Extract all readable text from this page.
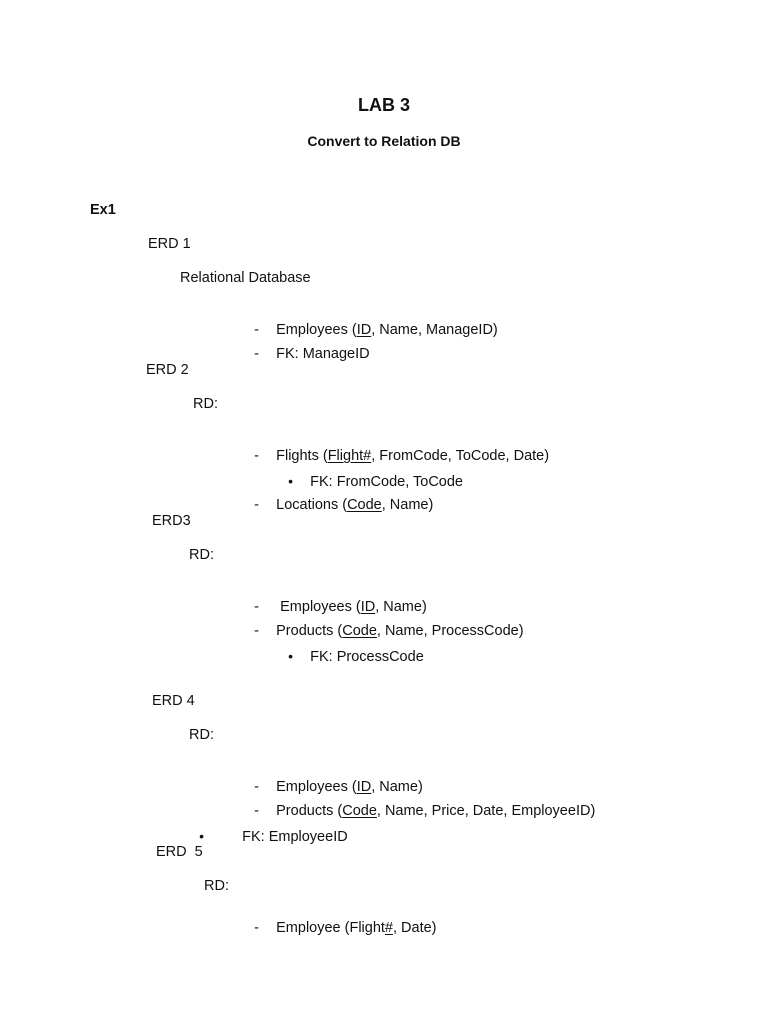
LAB 3
Convert to Relation DB
Ex1
ERD 1
Relational Database

- Employees (ID, Name, ManageID)

- FK: ManageID

ERD 2
RD:

- Flights (Flight#, FromCode, ToCode, Date)

• FK: FromCode, ToCode

- Locations (Code, Name)

ERD3
RD:

- Employees (ID, Name)

- Products (Code, Name, ProcessCode)

• FK: ProcessCode

ERD 4
RD:

- Employees (ID, Name)

- Products (Code, Name, Price, Date, EmployeeID)

•	FK: EmployeeID

ERD  5
RD:

- Employee (Flight#, Date)
